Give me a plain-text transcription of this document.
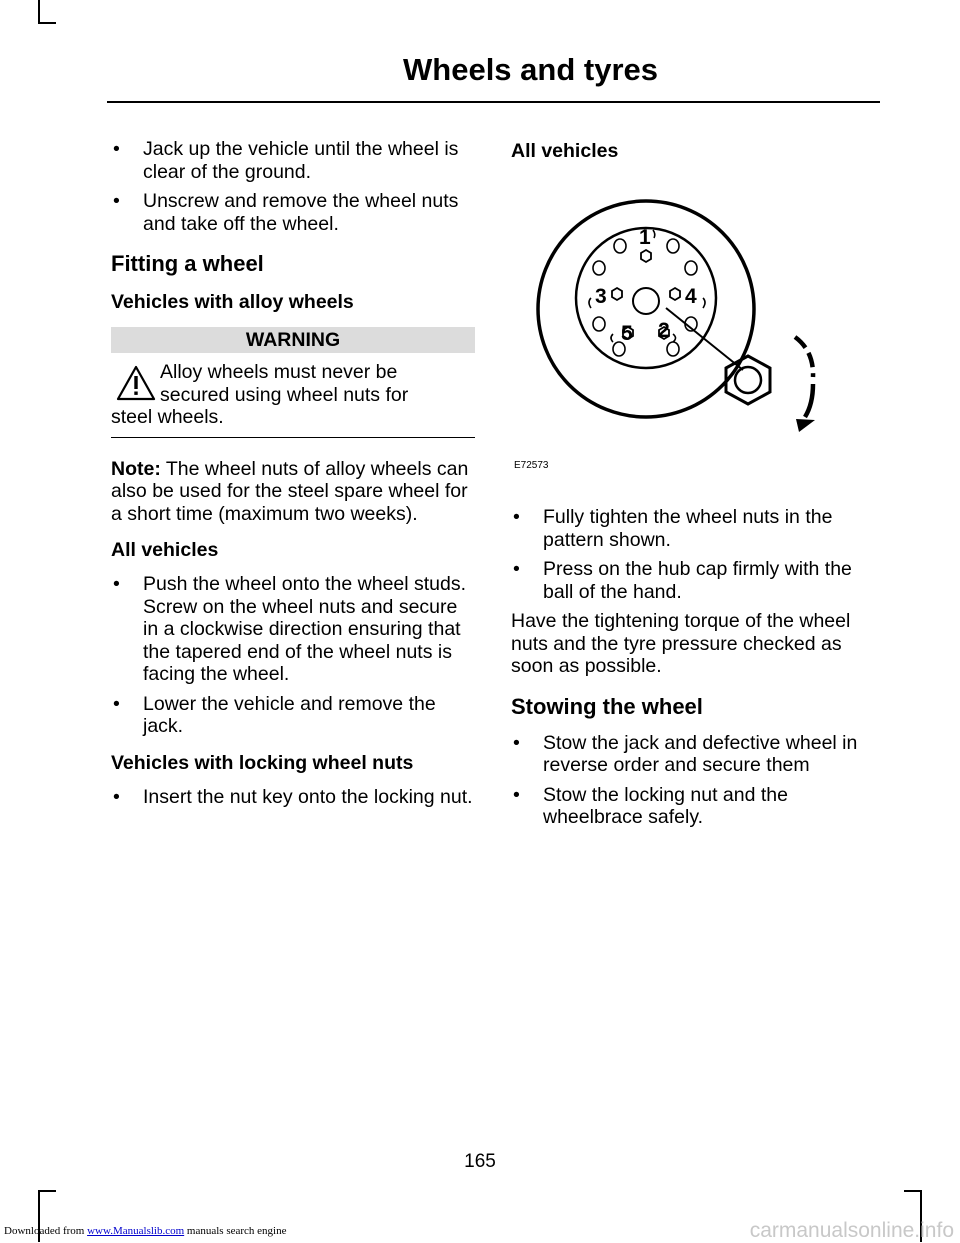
Wheels and tyres
• Jack up the vehicle until the wheel is clear of the ground.
• Unscrew and remove the wheel nuts and take off the wheel.
Fitting a wheel
Vehicles with alloy wheels
WARNING
Alloy wheels must never be
secured using wheel nuts for
steel wheels.
Note: The wheel nuts of alloy wheels can also be used for the steel spare wheel for a short time (maximum two weeks).
All vehicles
• Push the wheel onto the wheel studs. Screw on the wheel nuts and secure in a clockwise direction ensuring that the tapered end of the wheel nuts is facing the wheel.
• Lower the vehicle and remove the jack.
Vehicles with locking wheel nuts
• Insert the nut key onto the locking nut.
All vehicles
1
2
3	4
5
E72573
• Fully tighten the wheel nuts in the pattern shown.
• Press on the hub cap firmly with the ball of the hand.
Have the tightening torque of the wheel nuts and the tyre pressure checked as soon as possible.
Stowing the wheel
• Stow the jack and defective wheel in reverse order and secure them
• Stow the locking nut and the wheelbrace safely.
165
Downloaded from www.Manualslib.com manuals search engine	carmanualsonline.info
